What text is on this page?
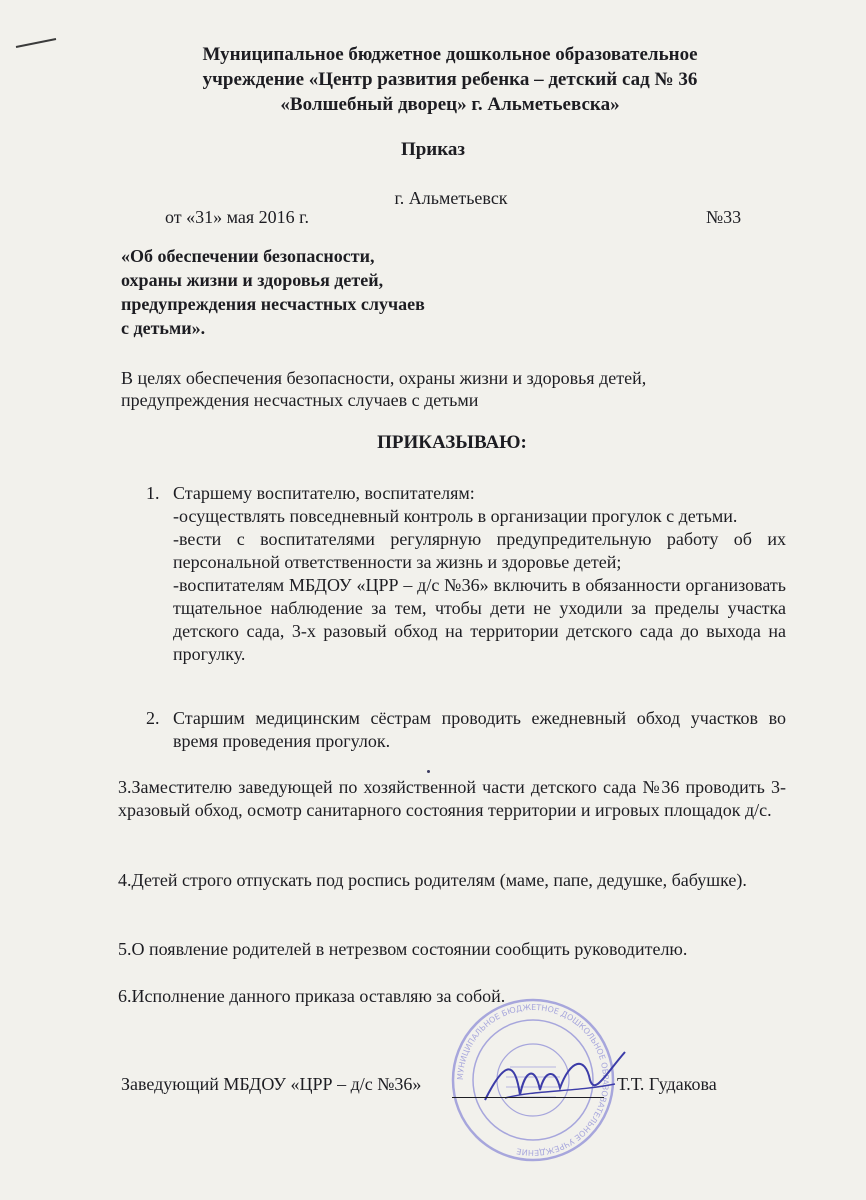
Муниципальное бюджетное дошкольное образовательное
учреждение «Центр развития ребенка – детский сад № 36
«Волшебный дворец» г. Альметьевска»
Приказ
г. Альметьевск
от «31» мая 2016 г.	№33
«Об обеспечении безопасности,
охраны жизни и здоровья детей,
предупреждения несчастных случаев
с детьми».
В целях обеспечения безопасности, охраны жизни и здоровья детей,
предупреждения несчастных случаев с детьми
ПРИКАЗЫВАЮ:
1. Старшему воспитателю, воспитателям:
-осуществлять повседневный контроль в организации прогулок с детьми.
-вести с воспитателями регулярную предупредительную работу об их персональной ответственности за жизнь и здоровье детей;
-воспитателям МБДОУ «ЦРР – д/с №36» включить в обязанности организовать тщательное наблюдение за тем, чтобы дети не уходили за пределы участка детского сада, 3-х разовый обход на территории детского сада до выхода на прогулку.
2. Старшим медицинским сёстрам проводить ежедневный обход участков во время проведения прогулок.
3.Заместителю заведующей по хозяйственной части детского сада №36 проводить 3-хразовый обход, осмотр санитарного состояния территории и игровых площадок д/с.
4.Детей строго отпускать под роспись родителям (маме, папе, дедушке, бабушке).
5.О появление родителей в нетрезвом состоянии сообщить руководителю.
6.Исполнение данного приказа оставляю за собой.
МУНИЦИПАЛЬНОЕ БЮДЖЕТНОЕ ДОШКОЛЬНОЕ ОБРАЗОВАТЕЛЬНОЕ УЧРЕЖДЕНИЕ
Заведующий МБДОУ «ЦРР – д/с №36»	Т.Т. Гудакова
